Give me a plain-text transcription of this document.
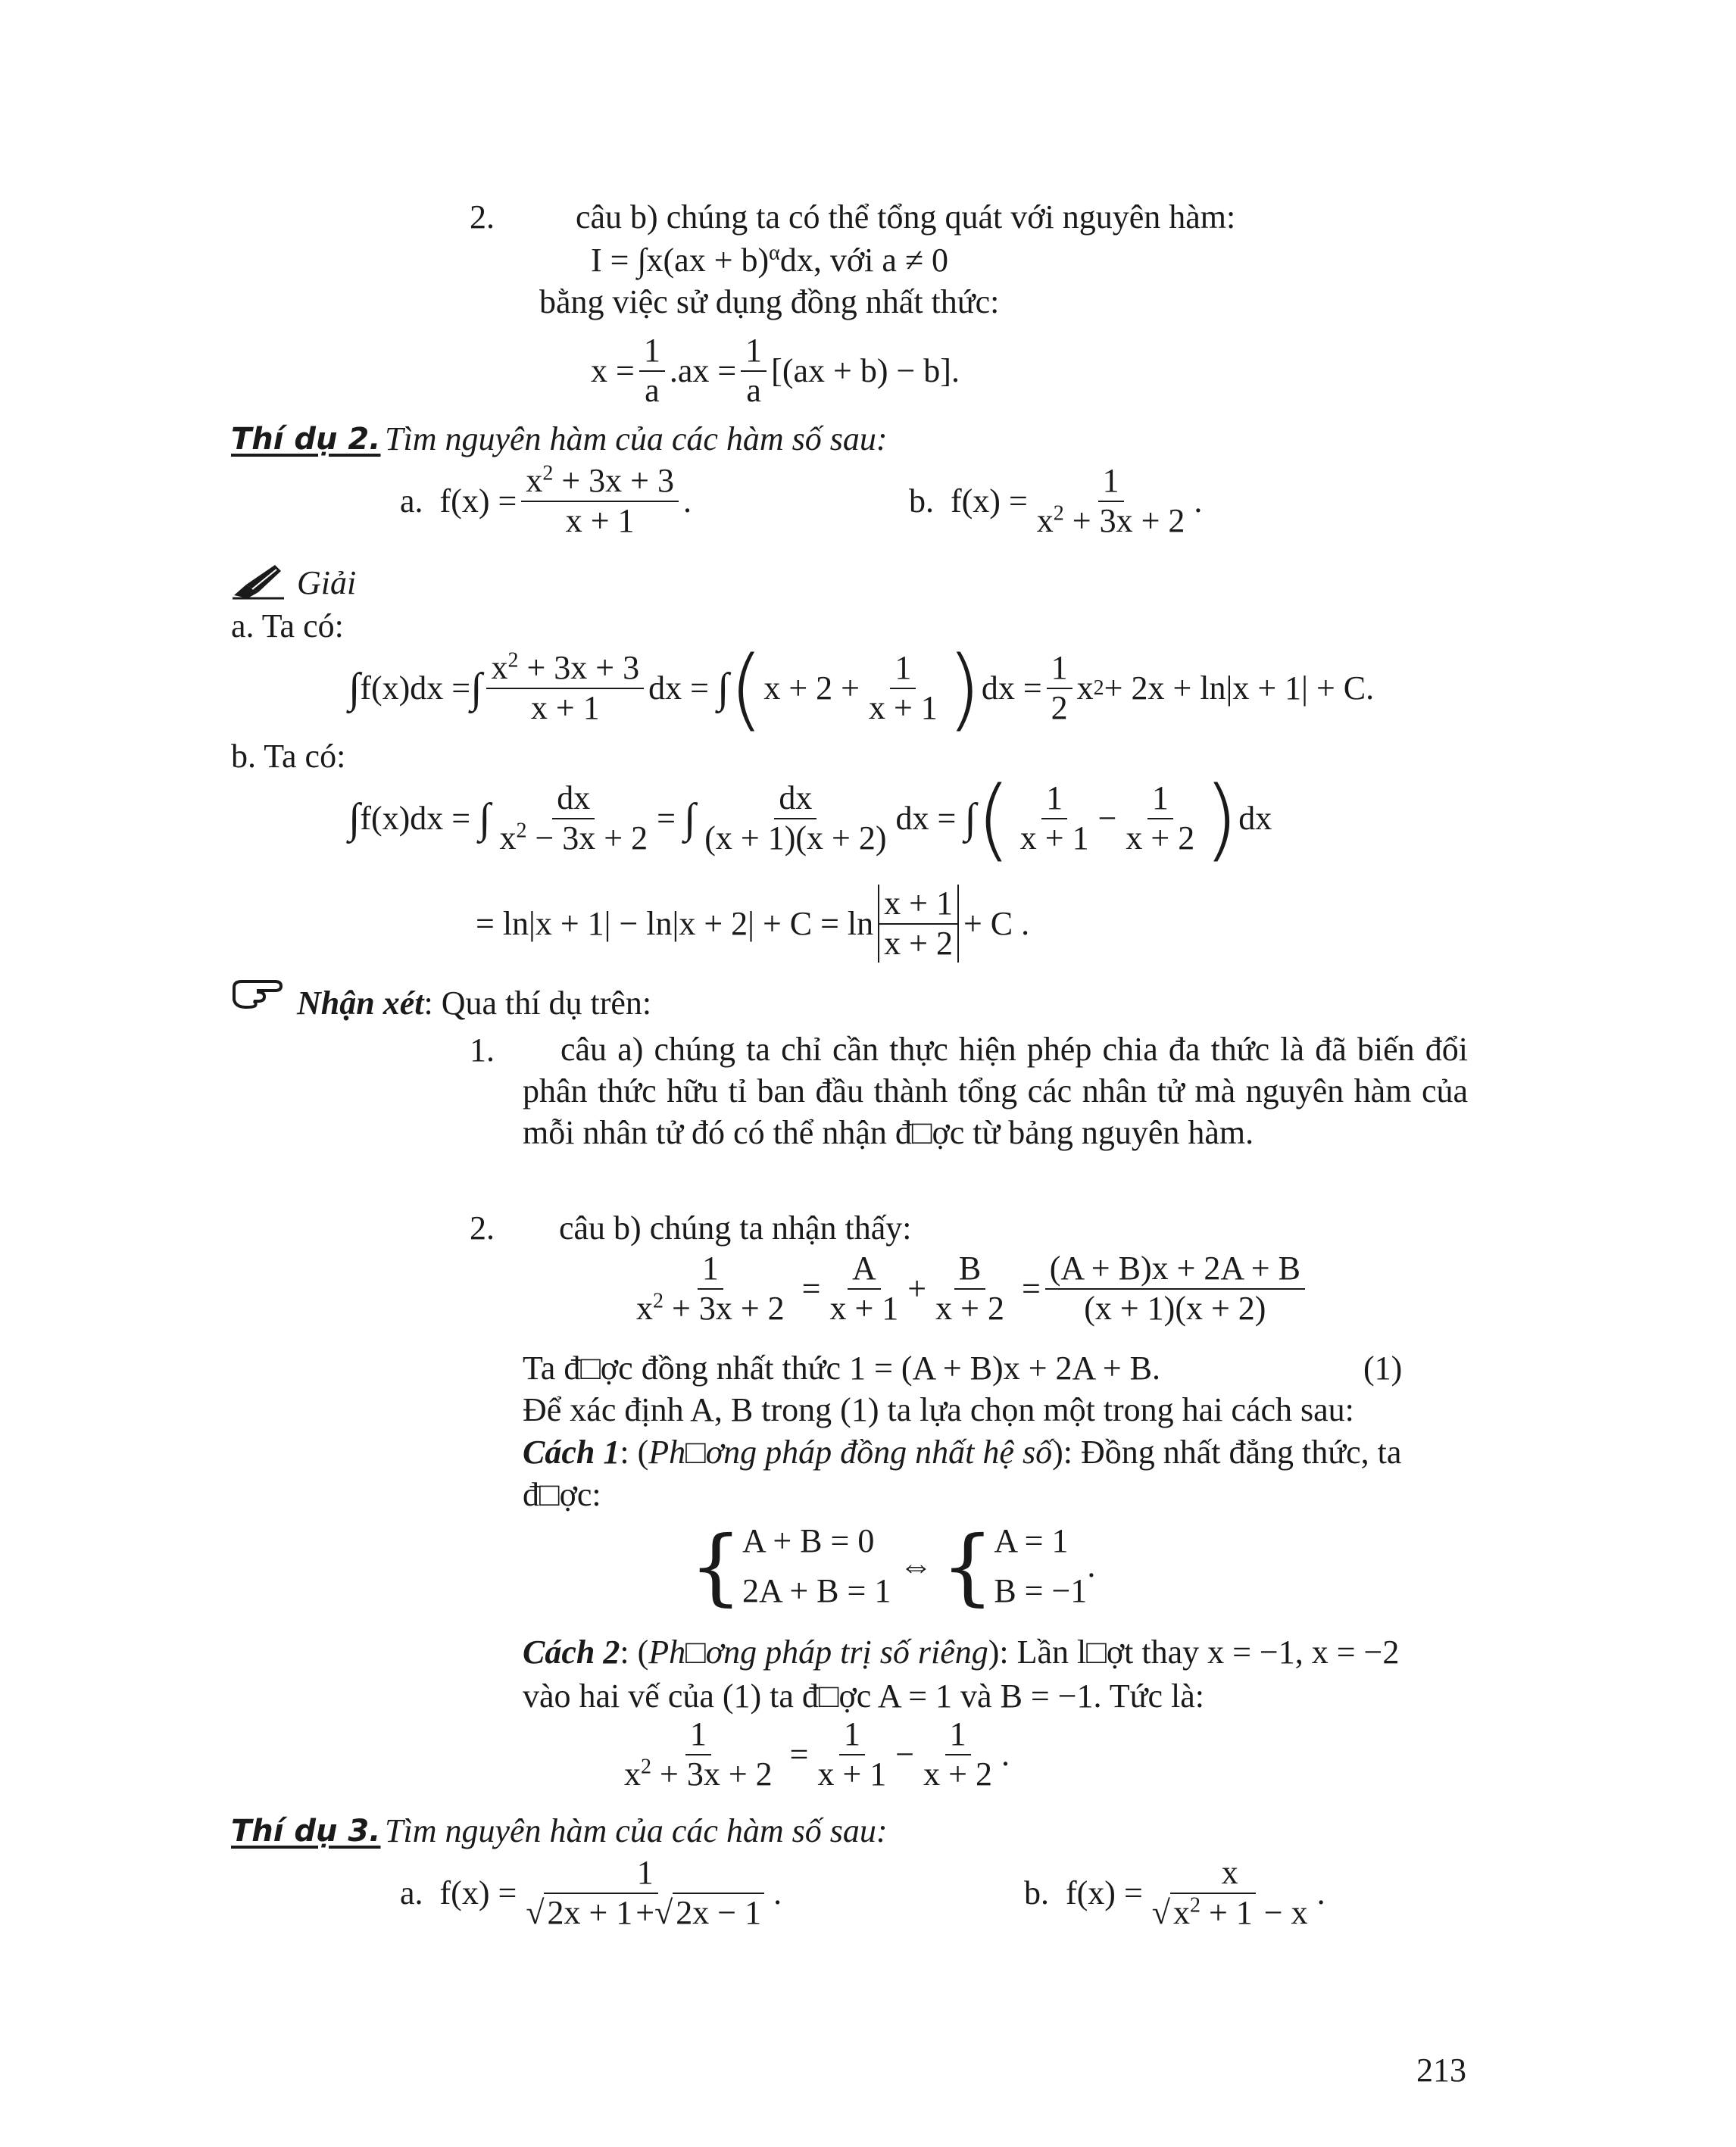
2. câu b) chúng ta có thể tổng quát với nguyên hàm:
I = ∫x(ax + b)$^\alpha$dx, với a ≠ 0
bằng việc sử dụng đồng nhất thức:
$x = \frac{1}{a} .ax = \frac{1}{a} [(ax + b) - b]$.
Thí dụ 2. Tìm nguyên hàm của các hàm số sau:
a.
$f(x) = \frac{x^2 + 3x + 3}{x + 1}$ .	b.
$f(x) = \frac{1}{x^2 + 3x + 2}$ .
Giải
a. Ta có:
∫ f(x)dx = ∫ $\frac{x^2 + 3x + 3}{x + 1}$ dx =
∫ ( $x + 2 + \frac{1}{x + 1}$ ) dx = $\frac{1}{2}$ x 2 + 2x + ln|x + 1| + C.
b. Ta có:
∫ f(x)dx =
∫ $\frac{dx}{x^2 - 3x + 2}$ =
∫ $\frac{dx}{(x + 1)(x + 2)}$ dx =
∫ ( $\frac{1}{x + 1} - \frac{1}{x + 2}$ ) dx
= ln|x + 1| − ln|x + 2| + C =
$\ln \frac{x + 1}{x + 2} + C$ .
Nhận xét: Qua thí dụ trên:
1.	câu a) chúng ta chỉ cần thực hiện phép chia đa thức là đã biến đổi phân thức hữu tỉ ban đầu thành tổng các nhân tử mà nguyên hàm của mỗi nhân tử đó có thể nhận đ□ợc từ bảng nguyên hàm.
2. câu b) chúng ta nhận thấy:
$\frac{1}{x^2 + 3x + 2} = \frac{A}{x + 1} + \frac{B}{x + 2} = \frac{(A + B)x + 2A + B}{(x + 1)(x + 2)}$
Ta đ□ợc đồng nhất thức 1 = (A + B)x + 2A + B.	(1)
Để xác định A, B trong (1) ta lựa chọn một trong hai cách sau:
Cách 1: (Ph□ơng pháp đồng nhất hệ số): Đồng nhất đẳng thức, ta
đ□ợc:
{ A + B = 0
2A + B = 1

⇔
{ A = 1
B = −1
.
Cách 2: (Ph□ơng pháp trị số riêng): Lần l□ợt thay x = −1, x = −2
vào hai vế của (1) ta đ□ợc A = 1 và B = −1. Tức là:
$\frac{1}{x^2 + 3x + 2} = \frac{1}{x + 1} - \frac{1}{x + 2}$ .
Thí dụ 3. Tìm nguyên hàm của các hàm số sau:
a.
$f(x) = \frac{1}{√2x + 1+√2x - 1}$ .	b.
$f(x) = \frac{x}{√x^2 + 1 - x}$ .
213
